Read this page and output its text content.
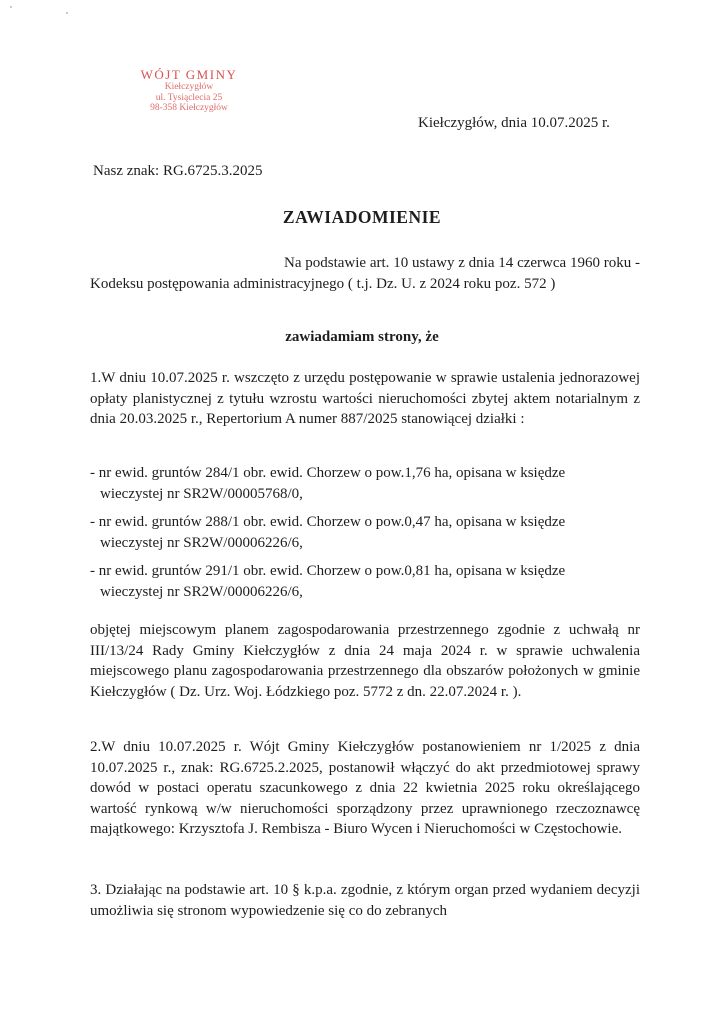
WÓJT GMINY
Kiełczygłów
ul. Tysiąclecia 25
98-358 Kiełczygłów
Kiełczygłów, dnia 10.07.2025 r.
Nasz znak: RG.6725.3.2025
ZAWIADOMIENIE
Na podstawie art. 10 ustawy z dnia 14 czerwca 1960 roku - Kodeksu postępowania administracyjnego ( t.j. Dz. U. z 2024 roku poz. 572 )
zawiadamiam strony, że
1.W dniu 10.07.2025 r. wszczęto z urzędu postępowanie w sprawie ustalenia jednorazowej opłaty planistycznej z tytułu wzrostu wartości nieruchomości zbytej aktem notarialnym z dnia 20.03.2025 r., Repertorium A numer 887/2025 stanowiącej działki :
- nr ewid. gruntów 284/1 obr. ewid. Chorzew o pow.1,76 ha, opisana w księdze
wieczystej nr SR2W/00005768/0,
- nr ewid. gruntów 288/1 obr. ewid. Chorzew o pow.0,47 ha, opisana w księdze
wieczystej nr SR2W/00006226/6,
- nr ewid. gruntów 291/1 obr. ewid. Chorzew o pow.0,81 ha, opisana w księdze
wieczystej nr SR2W/00006226/6,
objętej miejscowym planem zagospodarowania przestrzennego zgodnie z uchwałą nr III/13/24 Rady Gminy Kiełczygłów z dnia 24 maja 2024 r. w sprawie uchwalenia miejscowego planu zagospodarowania przestrzennego dla obszarów położonych w gminie Kiełczygłów ( Dz. Urz. Woj. Łódzkiego poz. 5772 z dn. 22.07.2024 r. ).
2.W dniu 10.07.2025 r. Wójt Gminy Kiełczygłów postanowieniem nr 1/2025 z dnia 10.07.2025 r., znak: RG.6725.2.2025, postanowił włączyć do akt przedmiotowej sprawy dowód w postaci operatu szacunkowego z dnia 22 kwietnia 2025 roku określającego wartość rynkową w/w nieruchomości sporządzony przez uprawnionego rzeczoznawcę majątkowego: Krzysztofa J. Rembisza - Biuro Wycen i Nieruchomości w Częstochowie.
3. Działając na podstawie art. 10 § k.p.a. zgodnie, z którym organ przed wydaniem decyzji umożliwia się stronom wypowiedzenie się co do zebranych
